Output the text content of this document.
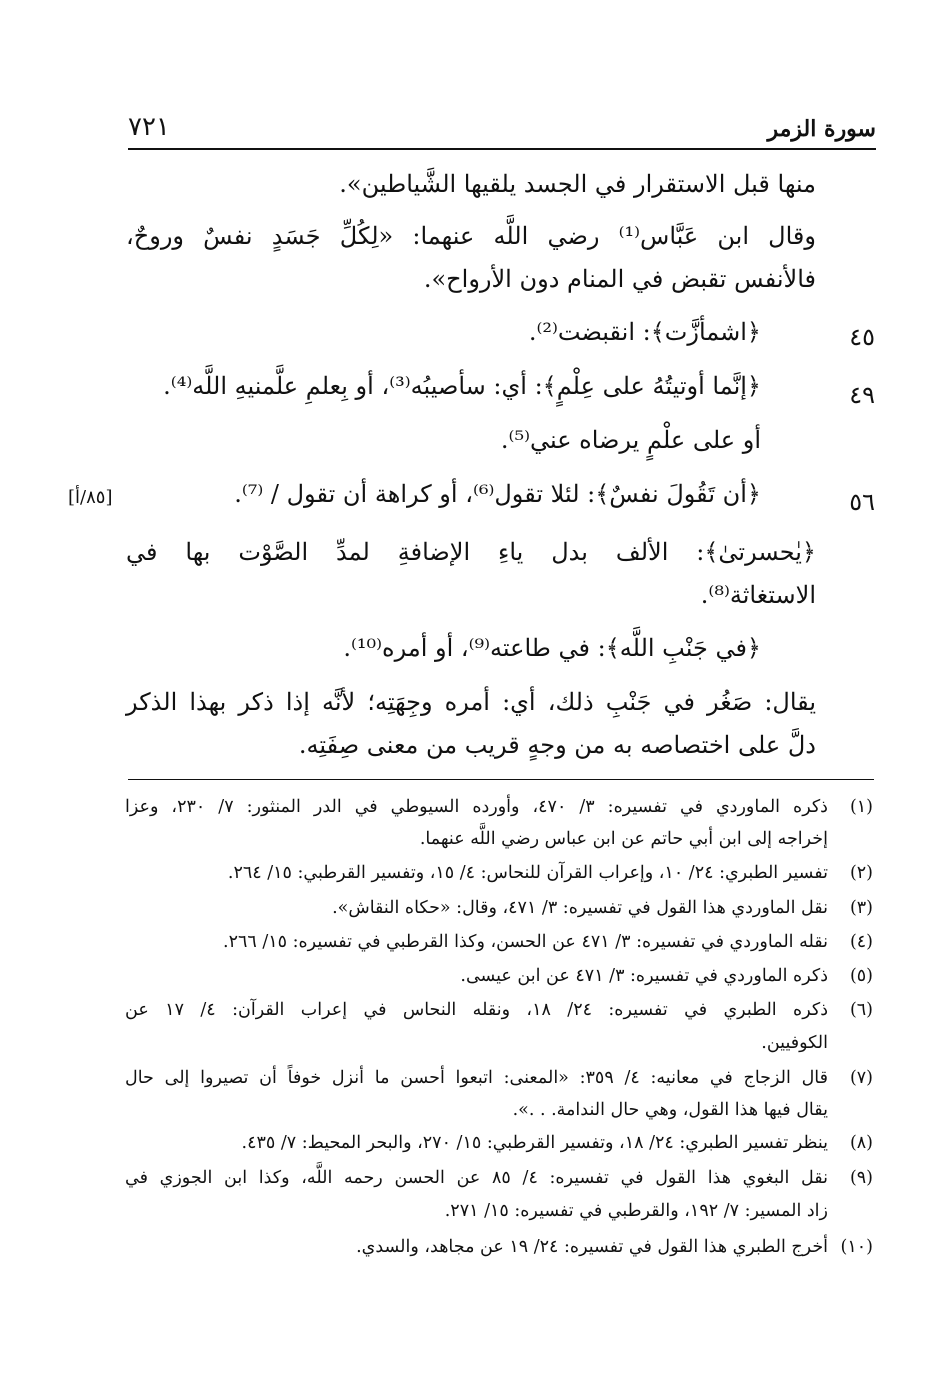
٧٢١	سورة الزمر
منها قبل الاستقرار في الجسد يلقيها الشَّياطين».
وقال ابن عَبَّاس⁽¹⁾ رضي اللَّه عنهما: «لِكُلِّ جَسَدٍ نفسٌ وروحٌ،
فالأنفس تقبض في المنام دون الأرواح».
٤٥
﴿اشمأزَّت﴾: انقبضت⁽²⁾.
٤٩
﴿إنَّما أوتيتُهُ على عِلْمٍ﴾: أي: سأصيبُه⁽³⁾، أو بِعلمِ علَّمنيهِ اللَّه⁽⁴⁾.
أو على علْمٍ يرضاه عني⁽⁵⁾.
٥٦
﴿أن تَقُولَ نفسٌ﴾: لئلا تقول⁽⁶⁾، أو كراهة أن تقول / ⁽⁷⁾.
[٨٥/أ]
﴿يٰحسرتىٰ﴾: الألف بدل ياءِ الإضافةِ لمدِّ الصَّوْت بها في
الاستغاثة⁽⁸⁾.
﴿في جَنْبِ اللَّه﴾: في طاعته⁽⁹⁾، أو أمره⁽¹⁰⁾.
يقال: صَغُر في جَنْبِ ذلك، أي: أمره وجِهَتِه؛ لأنَّه إذا ذكر بهذا الذكر
دلَّ على اختصاصه به من وجهٍ قريب من معنى صِفَتِه.
(١)
ذكره الماوردي في تفسيره: ٣/ ٤٧٠، وأورده السيوطي في الدر المنثور: ٧/ ٢٣٠، وعزا
إخراجه إلى ابن أبي حاتم عن ابن عباس رضي اللَّه عنهما.
(٢)
تفسير الطبري: ٢٤/ ١٠، وإعراب القرآن للنحاس: ٤/ ١٥، وتفسير القرطبي: ١٥/ ٢٦٤.
(٣)
نقل الماوردي هذا القول في تفسيره: ٣/ ٤٧١، وقال: «حكاه النقاش».
(٤)
نقله الماوردي في تفسيره: ٣/ ٤٧١ عن الحسن، وكذا القرطبي في تفسيره: ١٥/ ٢٦٦.
(٥)
ذكره الماوردي في تفسيره: ٣/ ٤٧١ عن ابن عيسى.
(٦)
ذكره الطبري في تفسيره: ٢٤/ ١٨، ونقله النحاس في إعراب القرآن: ٤/ ١٧ عن
الكوفيين.
(٧)
قال الزجاج في معانيه: ٤/ ٣٥٩: «المعنى: اتبعوا أحسن ما أنزل خوفاً أن تصيروا إلى حال
يقال فيها هذا القول، وهي حال الندامة. . .».
(٨)
ينظر تفسير الطبري: ٢٤/ ١٨، وتفسير القرطبي: ١٥/ ٢٧٠، والبحر المحيط: ٧/ ٤٣٥.
(٩)
نقل البغوي هذا القول في تفسيره: ٤/ ٨٥ عن الحسن رحمه اللَّه، وكذا ابن الجوزي في
زاد المسير: ٧/ ١٩٢، والقرطبي في تفسيره: ١٥/ ٢٧١.
(١٠)
أخرج الطبري هذا القول في تفسيره: ٢٤/ ١٩ عن مجاهد، والسدي.
